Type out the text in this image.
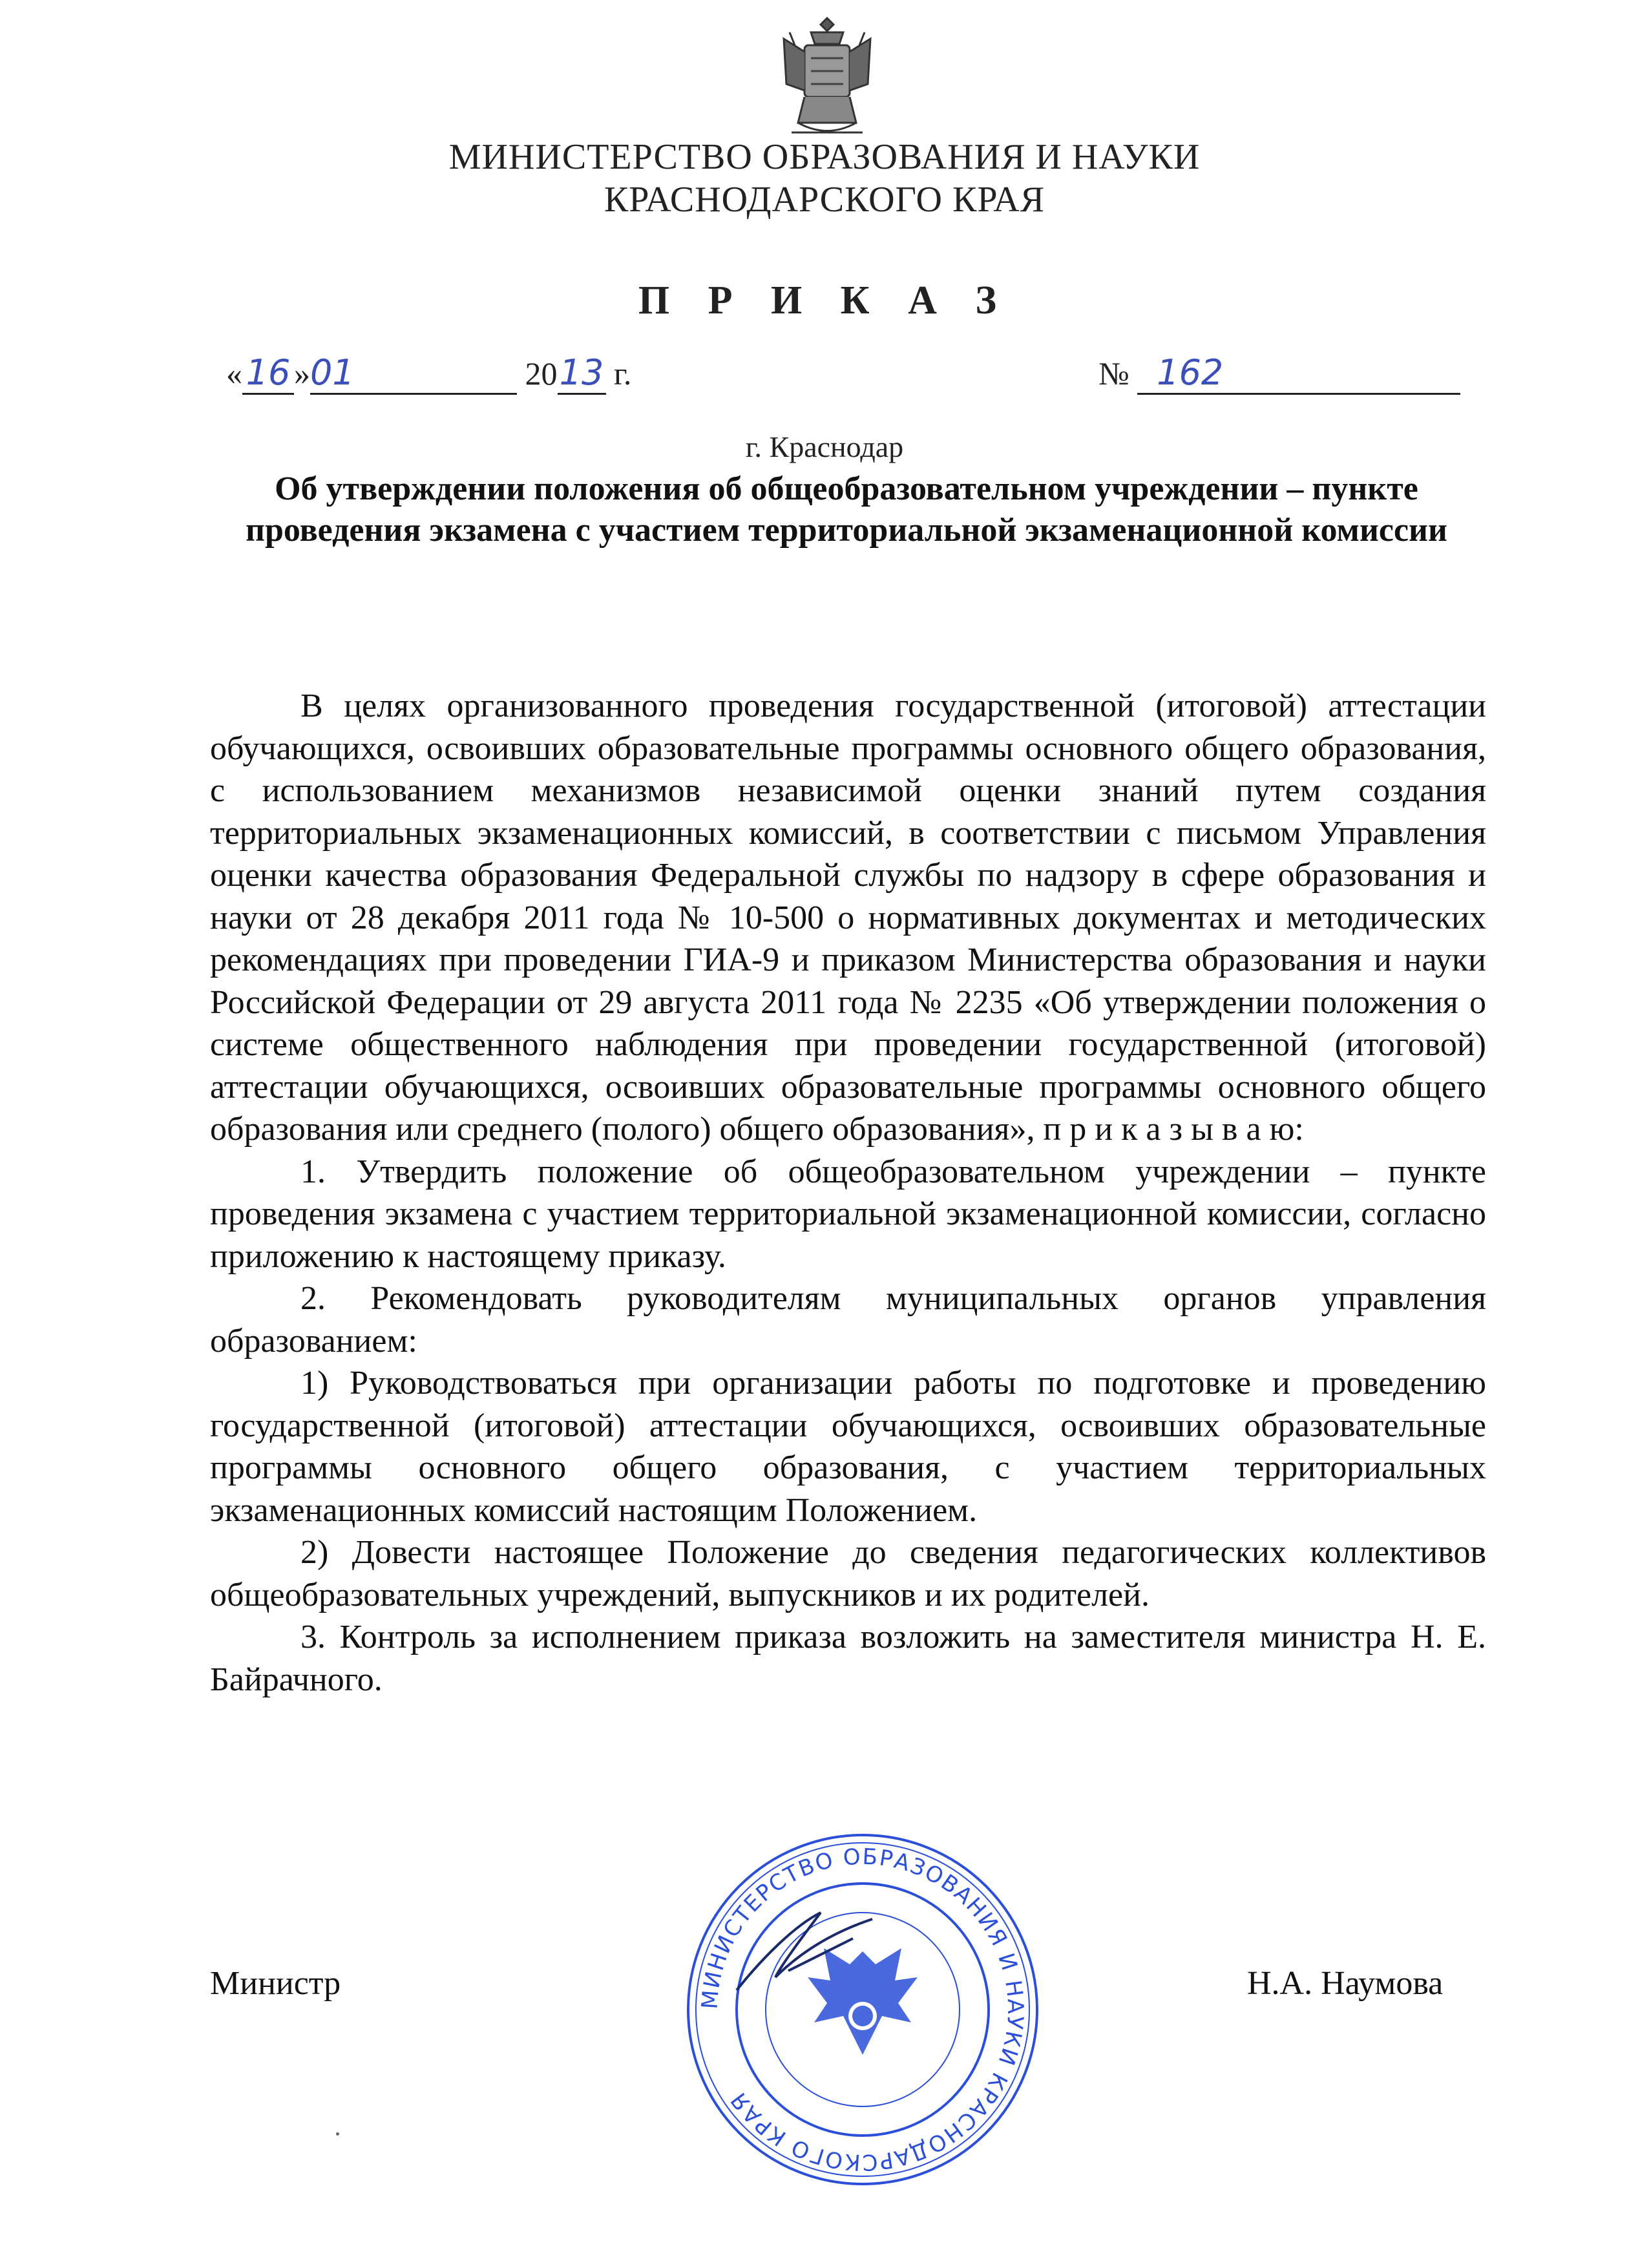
МИНИСТЕРСТВО ОБРАЗОВАНИЯ И НАУКИ
КРАСНОДАРСКОГО КРАЯ
П Р И К А З
« 16 »01	2013 г.	№ 162
г. Краснодар
Об утверждении положения об общеобразовательном учреждении – пункте проведения экзамена с участием территориальной экзаменационной комиссии

В целях организованного проведения государственной (итоговой) аттестации обучающихся, освоивших образовательные программы основного общего образования, с использованием механизмов независимой оценки знаний путем создания территориальных экзаменационных комиссий, в соответствии с письмом Управления оценки качества образования Федеральной службы по надзору в сфере образования и науки от 28 декабря 2011 года № 10-500 о нормативных документах и методических рекомендациях при проведении ГИА-9 и приказом Министерства образования и науки Российской Федерации от 29 августа 2011 года № 2235 «Об утверждении положения о системе общественного наблюдения при проведении государственной (итоговой) аттестации обучающихся, освоивших образовательные программы основного общего образования или среднего (полого) общего образования», п р и к а з ы в а ю:

1. Утвердить положение об общеобразовательном учреждении – пункте проведения экзамена с участием территориальной экзаменационной комиссии, согласно приложению к настоящему приказу.

2. Рекомендовать руководителям муниципальных органов управления образованием:

1) Руководствоваться при организации работы по подготовке и проведению государственной (итоговой) аттестации обучающихся, освоивших образовательные программы основного общего образования, с участием территориальных экзаменационных комиссий настоящим Положением.

2) Довести настоящее Положение до сведения педагогических коллективов общеобразовательных учреждений, выпускников и их родителей.

3. Контроль за исполнением приказа возложить на заместителя министра Н. Е. Байрачного.

МИНИСТЕРСТВО ОБРАЗОВАНИЯ И НАУКИ КРАСНОДАРСКОГО КРАЯ
Министр	Н.А. Наумова
